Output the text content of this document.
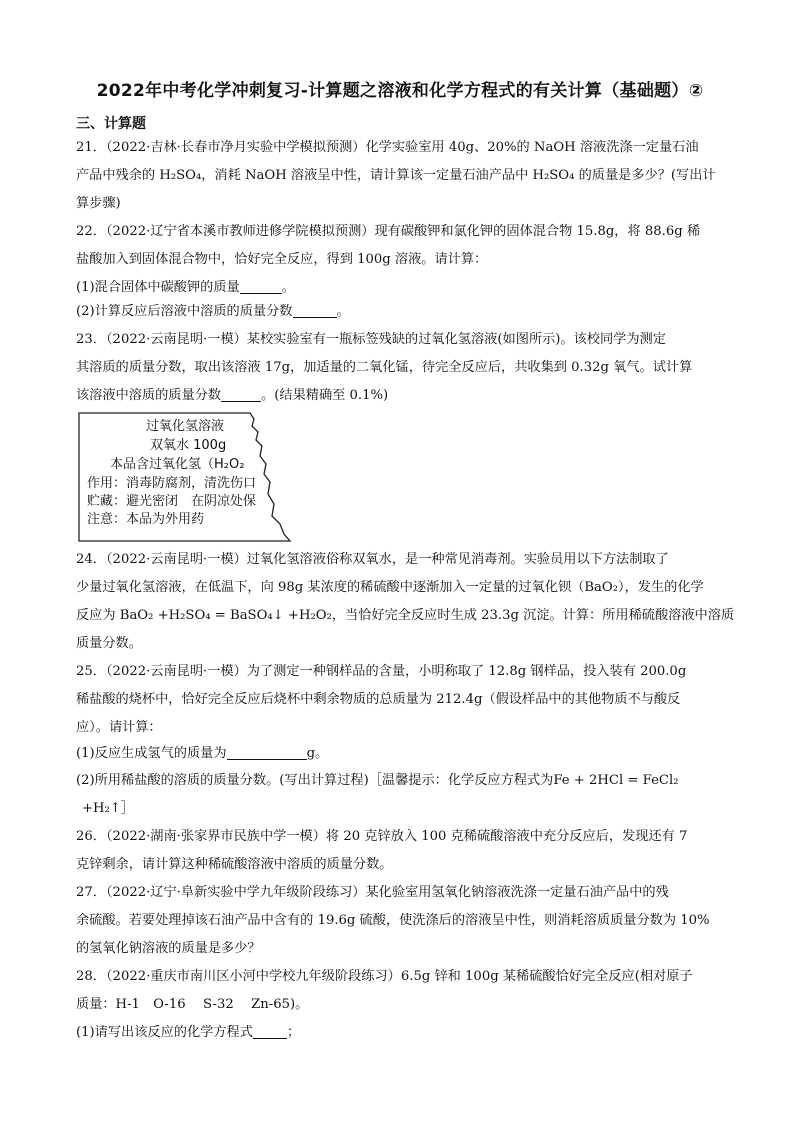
2022年中考化学冲刺复习-计算题之溶液和化学方程式的有关计算（基础题）②
三、计算题
21．（2022·吉林·长春市净月实验中学模拟预测）化学实验室用 40g、20%的 NaOH 溶液洗涤一定量石油
产品中残余的 H₂SO₄，消耗 NaOH 溶液呈中性，请计算该一定量石油产品中 H₂SO₄ 的质量是多少？(写出计
算步骤)
22．（2022·辽宁省本溪市教师进修学院模拟预测）现有碳酸钾和氯化钾的固体混合物 15.8g，将 88.6g 稀
盐酸加入到固体混合物中，恰好完全反应，得到 100g 溶液。请计算：
(1)混合固体中碳酸钾的质量	。
(2)计算反应后溶液中溶质的质量分数	。
23．（2022·云南昆明·一模）某校实验室有一瓶标签残缺的过氧化氢溶液(如图所示)。该校同学为测定
其溶质的质量分数，取出该溶液 17g，加适量的二氧化锰，待完全反应后，共收集到 0.32g 氧气。试计算
该溶液中溶质的质量分数	。(结果精确至 0.1%)
过氧化氢溶液
双氧水 100g
本品含过氧化氢（H₂O₂
作用：消毒防腐剂，清洗伤口
贮藏：避光密闭　在阴凉处保
注意：本品为外用药
24．（2022·云南昆明·一模）过氧化氢溶液俗称双氧水，是一种常见消毒剂。实验员用以下方法制取了
少量过氧化氢溶液，在低温下，向 98g 某浓度的稀硫酸中逐渐加入一定量的过氧化钡（BaO₂），发生的化学
反应为 BaO₂ +H₂SO₄ = BaSO₄↓ +H₂O₂，当恰好完全反应时生成 23.3g 沉淀。计算：所用稀硫酸溶液中溶质
质量分数。
25．（2022·云南昆明·一模）为了测定一种钢样品的含量，小明称取了 12.8g 钢样品，投入装有 200.0g
稀盐酸的烧杯中，恰好完全反应后烧杯中剩余物质的总质量为 212.4g（假设样品中的其他物质不与酸反
应）。请计算：
(1)反应生成氢气的质量为	g。
(2)所用稀盐酸的溶质的质量分数。(写出计算过程)［温馨提示：化学反应方程式为Fe + 2HCl = FeCl₂
+H₂↑］
26．（2022·湖南·张家界市民族中学一模）将 20 克锌放入 100 克稀硫酸溶液中充分反应后，发现还有 7
克锌剩余，请计算这种稀硫酸溶液中溶质的质量分数。
27．（2022·辽宁·阜新实验中学九年级阶段练习）某化验室用氢氧化钠溶液洗涤一定量石油产品中的残
余硫酸。若要处理掉该石油产品中含有的 19.6g 硫酸，使洗涤后的溶液呈中性，则消耗溶质质量分数为 10%
的氢氧化钠溶液的质量是多少？
28．（2022·重庆市南川区小河中学校九年级阶段练习）6.5g 锌和 100g 某稀硫酸恰好完全反应(相对原子
质量：H-1　O-16　 S-32　 Zn-65)。
(1)请写出该反应的化学方程式	；
